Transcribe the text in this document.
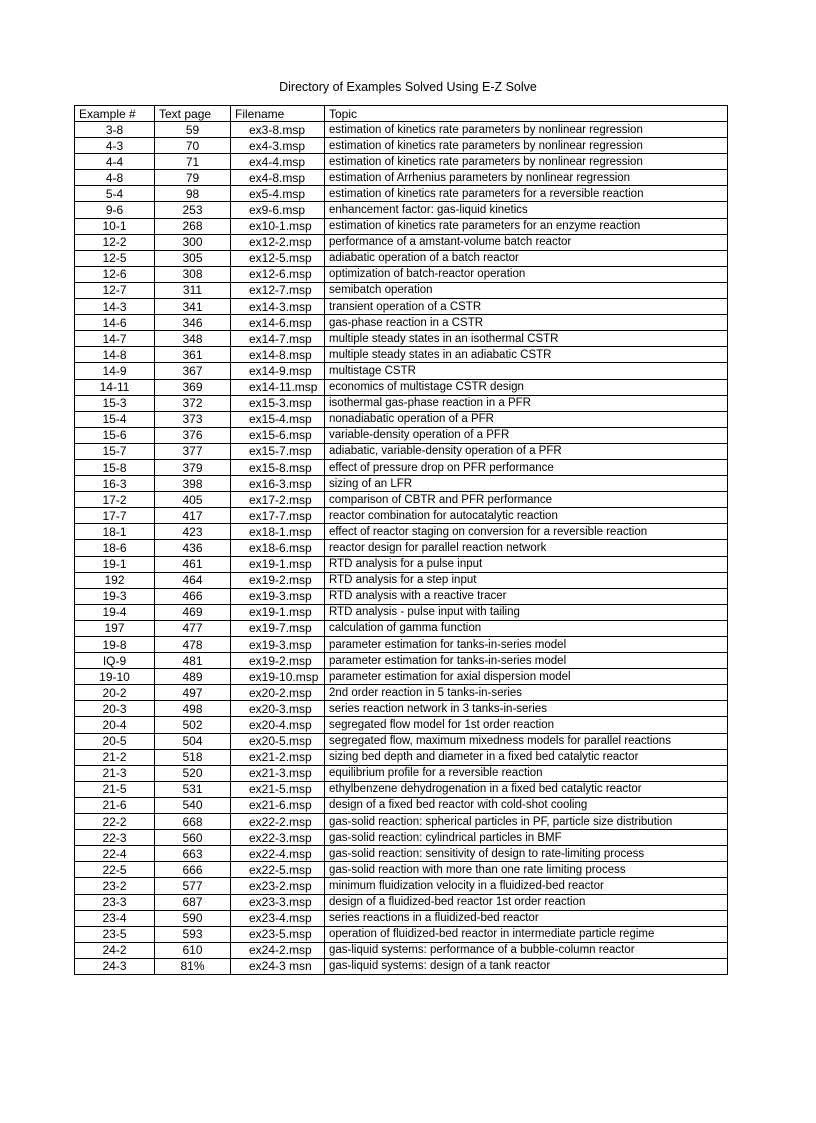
Directory of Examples Solved Using E-Z Solve
Example #	Text page	Filename	Topic
3-8	59	ex3-8.msp	estimation of kinetics rate parameters by nonlinear regression
4-3	70	ex4-3.msp	estimation of kinetics rate parameters by nonlinear regression
4-4	71	ex4-4.msp	estimation of kinetics rate parameters by nonlinear regression
4-8	79	ex4-8.msp	estimation of Arrhenius parameters by nonlinear regression
5-4	98	ex5-4.msp	estimation of kinetics rate parameters for a reversible reaction
9-6	253	ex9-6.msp	enhancement factor: gas-liquid kinetics
10-1	268	ex10-1.msp	estimation of kinetics rate parameters for an enzyme reaction
12-2	300	ex12-2.msp	performance of a amstant-volume batch reactor
12-5	305	ex12-5.msp	adiabatic operation of a batch reactor
12-6	308	ex12-6.msp	optimization of batch-reactor operation
12-7	311	ex12-7.msp	semibatch operation
14-3	341	ex14-3.msp	transient operation of a CSTR
14-6	346	ex14-6.msp	gas-phase reaction in a CSTR
14-7	348	ex14-7.msp	multiple steady states in an isothermal CSTR
14-8	361	ex14-8.msp	multiple steady states in an adiabatic CSTR
14-9	367	ex14-9.msp	multistage CSTR
14-11	369	ex14-11.msp	economics of multistage CSTR design
15-3	372	ex15-3.msp	isothermal gas-phase reaction in a PFR
15-4	373	ex15-4.msp	nonadiabatic operation of a PFR
15-6	376	ex15-6.msp	variable-density operation of a PFR
15-7	377	ex15-7.msp	adiabatic, variable-density operation of a PFR
15-8	379	ex15-8.msp	effect of pressure drop on PFR performance
16-3	398	ex16-3.msp	sizing of an LFR
17-2	405	ex17-2.msp	comparison of CBTR and PFR performance
17-7	417	ex17-7.msp	reactor combination for autocatalytic reaction
18-1	423	ex18-1.msp	effect of reactor staging on conversion for a reversible reaction
18-6	436	ex18-6.msp	reactor design for parallel reaction network
19-1	461	ex19-1.msp	RTD analysis for a pulse input
192	464	ex19-2.msp	RTD analysis for a step input
19-3	466	ex19-3.msp	RTD analysis with a reactive tracer
19-4	469	ex19-1.msp	RTD analysis - pulse input with tailing
197	477	ex19-7.msp	calculation of gamma function
19-8	478	ex19-3.msp	parameter estimation for tanks-in-series model
IQ-9	481	ex19-2.msp	parameter estimation for tanks-in-series model
19-10	489	ex19-10.msp	parameter estimation for axial dispersion model
20-2	497	ex20-2.msp	2nd order reaction in 5 tanks-in-series
20-3	498	ex20-3.msp	series reaction network in 3 tanks-in-series
20-4	502	ex20-4.msp	segregated flow model for 1st order reaction
20-5	504	ex20-5.msp	segregated flow, maximum mixedness models for parallel reactions
21-2	518	ex21-2.msp	sizing bed depth and diameter in a fixed bed catalytic reactor
21-3	520	ex21-3.msp	equilibrium profile for a reversible reaction
21-5	531	ex21-5.msp	ethylbenzene dehydrogenation in a fixed bed catalytic reactor
21-6	540	ex21-6.msp	design of a fixed bed reactor with cold-shot cooling
22-2	668	ex22-2.msp	gas-solid reaction: spherical particles in PF, particle size distribution
22-3	560	ex22-3.msp	gas-solid reaction: cylindrical particles in BMF
22-4	663	ex22-4.msp	gas-solid reaction: sensitivity of design to rate-limiting process
22-5	666	ex22-5.msp	gas-solid reaction with more than one rate limiting process
23-2	577	ex23-2.msp	minimum fluidization velocity in a fluidized-bed reactor
23-3	687	ex23-3.msp	design of a fluidized-bed reactor 1st order reaction
23-4	590	ex23-4.msp	series reactions in a fluidized-bed reactor
23-5	593	ex23-5.msp	operation of fluidized-bed reactor in intermediate particle regime
24-2	610	ex24-2.msp	gas-liquid systems: performance of a bubble-column reactor
24-3	81%	ex24-3 msn	gas-liquid systems: design of a tank reactor
